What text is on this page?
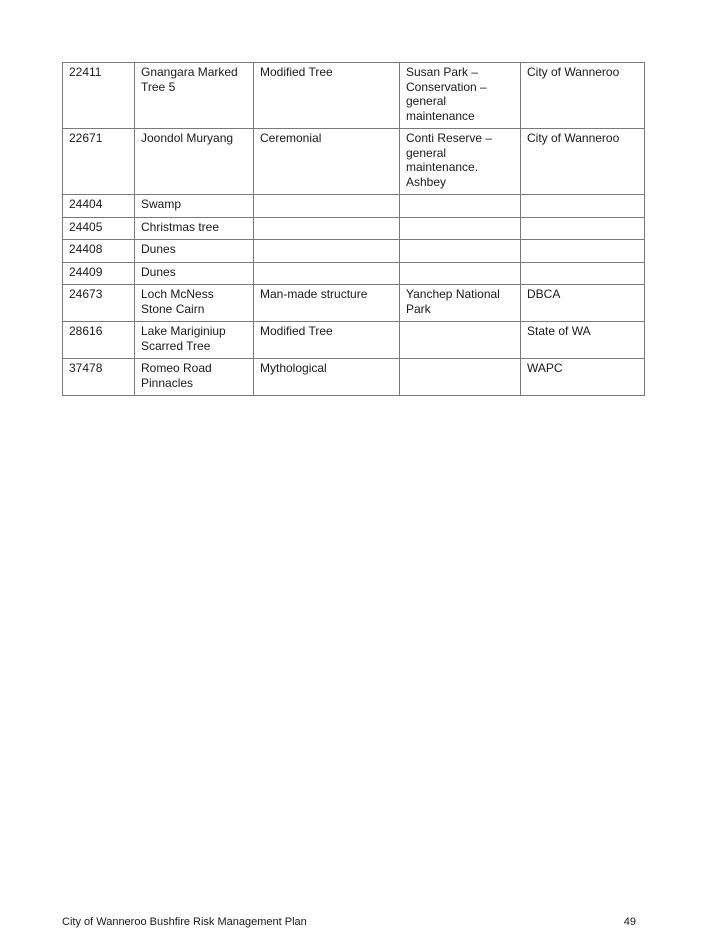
22411	Gnangara Marked Tree 5	Modified Tree	Susan Park – Conservation – general maintenance	City of Wanneroo
22671	Joondol Muryang	Ceremonial	Conti Reserve – general maintenance. Ashbey	City of Wanneroo
24404	Swamp			
24405	Christmas tree			
24408	Dunes			
24409	Dunes			
24673	Loch McNess Stone Cairn	Man-made structure	Yanchep National Park	DBCA
28616	Lake Mariginiup Scarred Tree	Modified Tree		State of WA
37478	Romeo Road Pinnacles	Mythological		WAPC
City of Wanneroo Bushfire Risk Management Plan	49
